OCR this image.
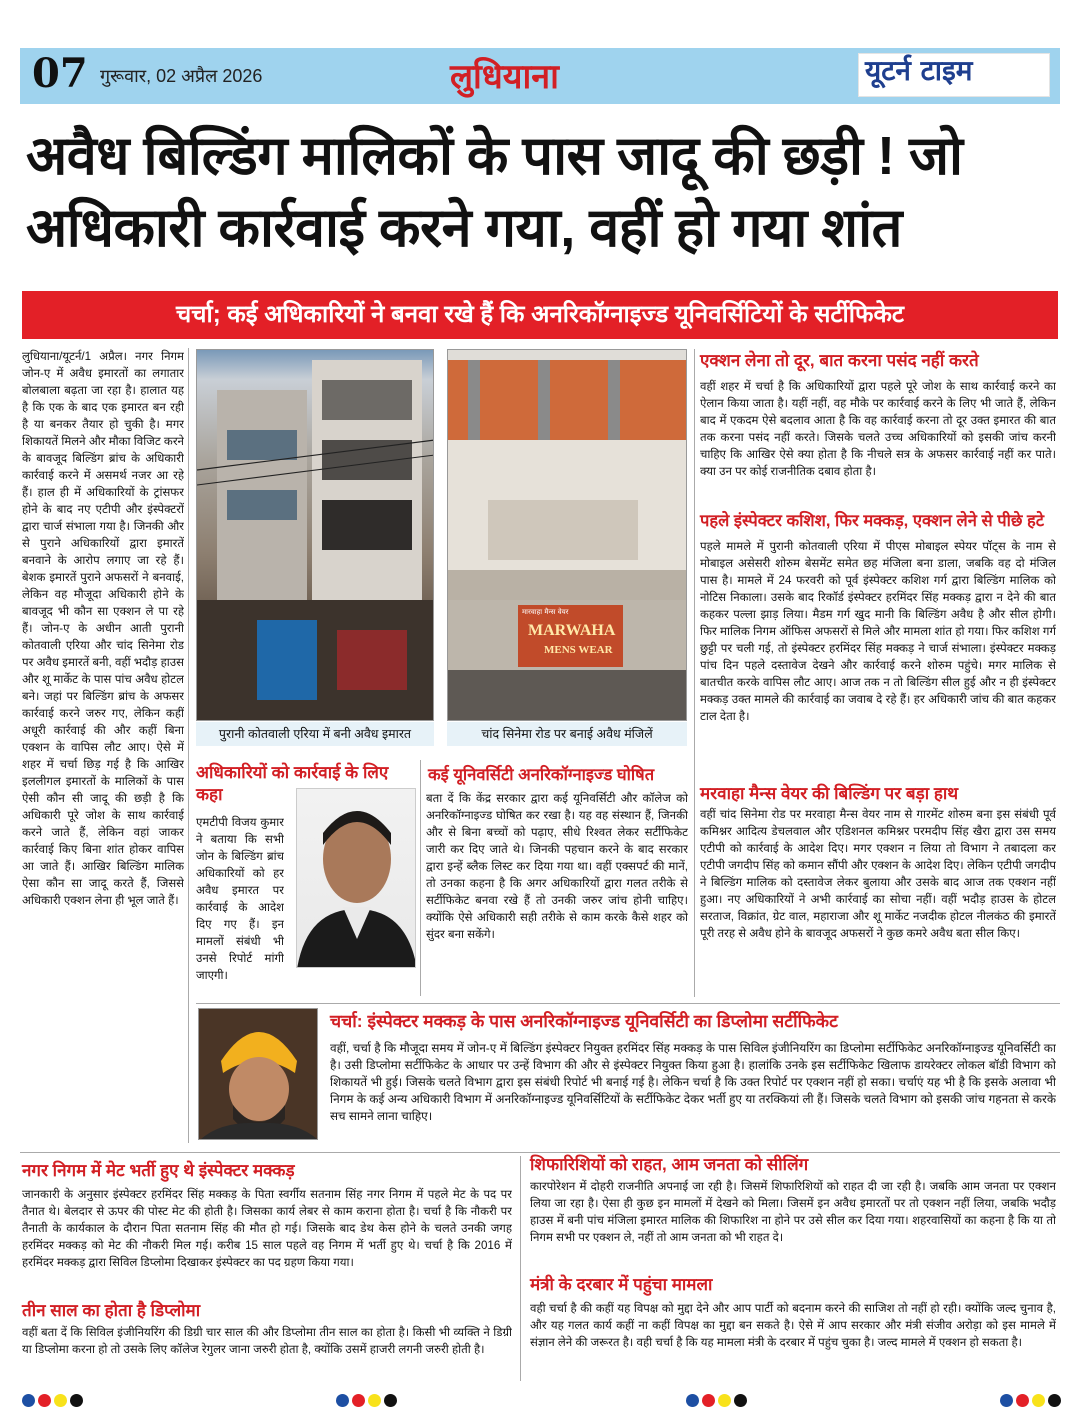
07 गुरूवार, 02 अप्रैल 2026	लुधियाना	यूटर्न टाइम
अवैध बिल्डिंग मालिकों के पास जादू की छड़ी ! जो अधिकारी कार्रवाई करने गया, वहीं हो गया शांत
चर्चा; कई अधिकारियों ने बनवा रखे हैं कि अनरिकॉग्नाइज्ड यूनिवर्सिटियों के सर्टीफिकेट
लुधियाना/यूटर्न/1 अप्रैल। नगर निगम जोन-ए में अवैध इमारतों का लगातार बोलबाला बढ़ता जा रहा है। हालात यह है कि एक के बाद एक इमारत बन रही है या बनकर तैयार हो चुकी है। मगर शिकायतें मिलने और मौका विजिट करने के बावजूद बिल्डिंग ब्रांच के अधिकारी कार्रवाई करने में असमर्थ नजर आ रहे हैं। हाल ही में अधिकारियों के ट्रांसफर होने के बाद नए एटीपी और इंस्पेक्टरों द्वारा चार्ज संभाला गया है। जिनकी और से पुराने अधिकारियों द्वारा इमारतें बनवाने के आरोप लगाए जा रहे हैं। बेशक इमारतें पुराने अफसरों ने बनवाई, लेकिन वह मौजूदा अधिकारी होने के बावजूद भी कौन सा एक्शन ले पा रहे हैं। जोन-ए के अधीन आती पुरानी कोतवाली एरिया और चांद सिनेमा रोड पर अवैध इमारतें बनी, वहीं भदौड़ हाउस और शू मार्केट के पास पांच अवैध होटल बने। जहां पर बिल्डिंग ब्रांच के अफसर कार्रवाई करने जरुर गए, लेकिन कहीं अधूरी कार्रवाई की और कहीं बिना एक्शन के वापिस लौट आए। ऐसे में शहर में चर्चा छिड़ गई है कि आखिर इललीगल इमारतों के मालिकों के पास ऐसी कौन सी जादू की छड़ी है कि अधिकारी पूरे जोश के साथ कार्रवाई करने जाते हैं, लेकिन वहां जाकर कार्रवाई किए बिना शांत होकर वापिस आ जाते हैं। आखिर बिल्डिंग मालिक ऐसा कौन सा जादू करते हैं, जिससे अधिकारी एक्शन लेना ही भूल जाते हैं।
पुरानी कोतवाली एरिया में बनी अवैध इमारत
मारवाहा मैन्स वेयर
MARWAHA
MENS WEAR
चांद सिनेमा रोड पर बनाई अवैध मंजिलें
एक्शन लेना तो दूर, बात करना पसंद नहीं करते
वहीं शहर में चर्चा है कि अधिकारियों द्वारा पहले पूरे जोश के साथ कार्रवाई करने का ऐलान किया जाता है। यहीं नहीं, वह मौके पर कार्रवाई करने के लिए भी जाते हैं, लेकिन बाद में एकदम ऐसे बदलाव आता है कि वह कार्रवाई करना तो दूर उक्त इमारत की बात तक करना पसंद नहीं करते। जिसके चलते उच्च अधिकारियों को इसकी जांच करनी चाहिए कि आखिर ऐसे क्या होता है कि नीचले सत्र के अफसर कार्रवाई नहीं कर पाते। क्या उन पर कोई राजनीतिक दबाव होता है।
पहले इंस्पेक्टर कशिश, फिर मक्कड़, एक्शन लेने से पीछे हटे
पहले मामले में पुरानी कोतवाली एरिया में पीएस मोबाइल स्पेयर पॉट्स के नाम से मोबाइल असेसरी शोरुम बेसमेंट समेत छह मंजिला बना डाला, जबकि वह दो मंजिल पास है। मामले में 24 फरवरी को पूर्व इंस्पेक्टर कशिश गर्ग द्वारा बिल्डिंग मालिक को नोटिस निकाला। उसके बाद रिकॉर्ड इंस्पेक्टर हरमिंदर सिंह मक्कड़ द्वारा न देने की बात कहकर पल्ला झाड़ लिया। मैडम गर्ग खुद मानी कि बिल्डिंग अवैध है और सील होगी। फिर मालिक निगम ऑफिस अफसरों से मिले और मामला शांत हो गया। फिर कशिश गर्ग छुट्टी पर चली गई, तो इंस्पेक्टर हरमिंदर सिंह मक्कड़ ने चार्ज संभाला। इंस्पेक्टर मक्कड़ पांच दिन पहले दस्तावेज देखने और कार्रवाई करने शोरुम पहुंचे। मगर मालिक से बातचीत करके वापिस लौट आए। आज तक न तो बिल्डिंग सील हुई और न ही इंस्पेक्टर मक्कड़ उक्त मामले की कार्रवाई का जवाब दे रहे हैं। हर अधिकारी जांच की बात कहकर टाल देता है।
मरवाहा मैन्स वेयर की बिल्डिंग पर बड़ा हाथ
वहीं चांद सिनेमा रोड पर मरवाहा मैन्स वेयर नाम से गारमेंट शोरुम बना इस संबंधी पूर्व कमिश्नर आदित्य डेचलवाल और एडिशनल कमिश्नर परमदीप सिंह खैरा द्वारा उस समय एटीपी को कार्रवाई के आदेश दिए। मगर एक्शन न लिया तो विभाग ने तबादला कर एटीपी जगदीप सिंह को कमान सौंपी और एक्शन के आदेश दिए। लेकिन एटीपी जगदीप ने बिल्डिंग मालिक को दस्तावेज लेकर बुलाया और उसके बाद आज तक एक्शन नहीं हुआ। नए अधिकारियों ने अभी कार्रवाई का सोचा नहीं। वहीं भदौड़ हाउस के होटल सरताज, विक्रांत, ग्रेट वाल, महाराजा और शू मार्केट नजदीक होटल नीलकंठ की इमारतें पूरी तरह से अवैध होने के बावजूद अफसरों ने कुछ कमरे अवैध बता सील किए।
अधिकारियों को कार्रवाई के लिए कहा
एमटीपी विजय कुमार ने बताया कि सभी जोन के बिल्डिंग ब्रांच अधिकारियों को हर अवैध इमारत पर कार्रवाई के आदेश दिए गए हैं। इन मामलों संबंधी भी उनसे रिपोर्ट मांगी जाएगी।
कई यूनिवर्सिटी अनरिकॉग्नाइज्ड घोषित
बता दें कि केंद्र सरकार द्वारा कई यूनिवर्सिटी और कॉलेज को अनरिकॉग्नाइज्ड घोषित कर रखा है। यह वह संस्थान हैं, जिनकी और से बिना बच्चों को पढ़ाए, सीधे रिश्वत लेकर सर्टीफिकेट जारी कर दिए जाते थे। जिनकी पहचान करने के बाद सरकार द्वारा इन्हें ब्लैक लिस्ट कर दिया गया था। वहीं एक्सपर्ट की मानें, तो उनका कहना है कि अगर अधिकारियों द्वारा गलत तरीके से सर्टीफिकेट बनवा रखे हैं तो उनकी जरुर जांच होनी चाहिए। क्योंकि ऐसे अधिकारी सही तरीके से काम करके कैसे शहर को सुंदर बना सकेंगे।
चर्चा: इंस्पेक्टर मक्कड़ के पास अनरिकॉग्नाइज्ड यूनिवर्सिटी का डिप्लोमा सर्टीफिकेट
वहीं, चर्चा है कि मौजूदा समय में जोन-ए में बिल्डिंग इंस्पेक्टर नियुक्त हरमिंदर सिंह मक्कड़ के पास सिविल इंजीनियरिंग का डिप्लोमा सर्टीफिकेट अनरिकॉग्नाइज्ड यूनिवर्सिटी का है। उसी डिप्लोमा सर्टीफिकेट के आधार पर उन्हें विभाग की और से इंस्पेक्टर नियुक्त किया हुआ है। हालांकि उनके इस सर्टीफिकेट खिलाफ डायरेक्टर लोकल बॉडी विभाग को शिकायतें भी हुई। जिसके चलते विभाग द्वारा इस संबंधी रिपोर्ट भी बनाई गई है। लेकिन चर्चा है कि उक्त रिपोर्ट पर एक्शन नहीं हो सका। चर्चाएं यह भी है कि इसके अलावा भी निगम के कई अन्य अधिकारी विभाग में अनरिकॉग्नाइज्ड यूनिवर्सिटियों के सर्टीफिकेट देकर भर्ती हुए या तरक्कियां ली हैं। जिसके चलते विभाग को इसकी जांच गहनता से करके सच सामने लाना चाहिए।
नगर निगम में मेट भर्ती हुए थे इंस्पेक्टर मक्कड़
जानकारी के अनुसार इंस्पेक्टर हरमिंदर सिंह मक्कड़ के पिता स्वर्गीय सतनाम सिंह नगर निगम में पहले मेट के पद पर तैनात थे। बेलदार से ऊपर की पोस्ट मेट की होती है। जिसका कार्य लेबर से काम कराना होता है। चर्चा है कि नौकरी पर तैनाती के कार्यकाल के दौरान पिता सतनाम सिंह की मौत हो गई। जिसके बाद डेथ केस होने के चलते उनकी जगह हरमिंदर मक्कड़ को मेट की नौकरी मिल गई। करीब 15 साल पहले वह निगम में भर्ती हुए थे। चर्चा है कि 2016 में हरमिंदर मक्कड़ द्वारा सिविल डिप्लोमा दिखाकर इंस्पेक्टर का पद ग्रहण किया गया।
तीन साल का होता है डिप्लोमा
वहीं बता दें कि सिविल इंजीनियरिंग की डिग्री चार साल की और डिप्लोमा तीन साल का होता है। किसी भी व्यक्ति ने डिग्री या डिप्लोमा करना हो तो उसके लिए कॉलेज रेगुलर जाना जरुरी होता है, क्योंकि उसमें हाजरी लगनी जरुरी होती है।
शिफारिशियों को राहत, आम जनता को सीलिंग
कारपोरेशन में दोहरी राजनीति अपनाई जा रही है। जिसमें शिफारिशियों को राहत दी जा रही है। जबकि आम जनता पर एक्शन लिया जा रहा है। ऐसा ही कुछ इन मामलों में देखने को मिला। जिसमें इन अवैध इमारतों पर तो एक्शन नहीं लिया, जबकि भदौड़ हाउस में बनी पांच मंजिला इमारत मालिक की शिफारिश ना होने पर उसे सील कर दिया गया। शहरवासियों का कहना है कि या तो निगम सभी पर एक्शन ले, नहीं तो आम जनता को भी राहत दे।
मंत्री के दरबार में पहुंचा मामला
वही चर्चा है की कहीं यह विपक्ष को मुद्दा देने और आप पार्टी को बदनाम करने की साजिश तो नहीं हो रही। क्योंकि जल्द चुनाव है, और यह गलत कार्य कहीं ना कहीं विपक्ष का मुद्दा बन सकते है। ऐसे में आप सरकार और मंत्री संजीव अरोड़ा को इस मामले में संज्ञान लेने की जरूरत है। वही चर्चा है कि यह मामला मंत्री के दरबार में पहुंच चुका है। जल्द मामले में एक्शन हो सकता है।
